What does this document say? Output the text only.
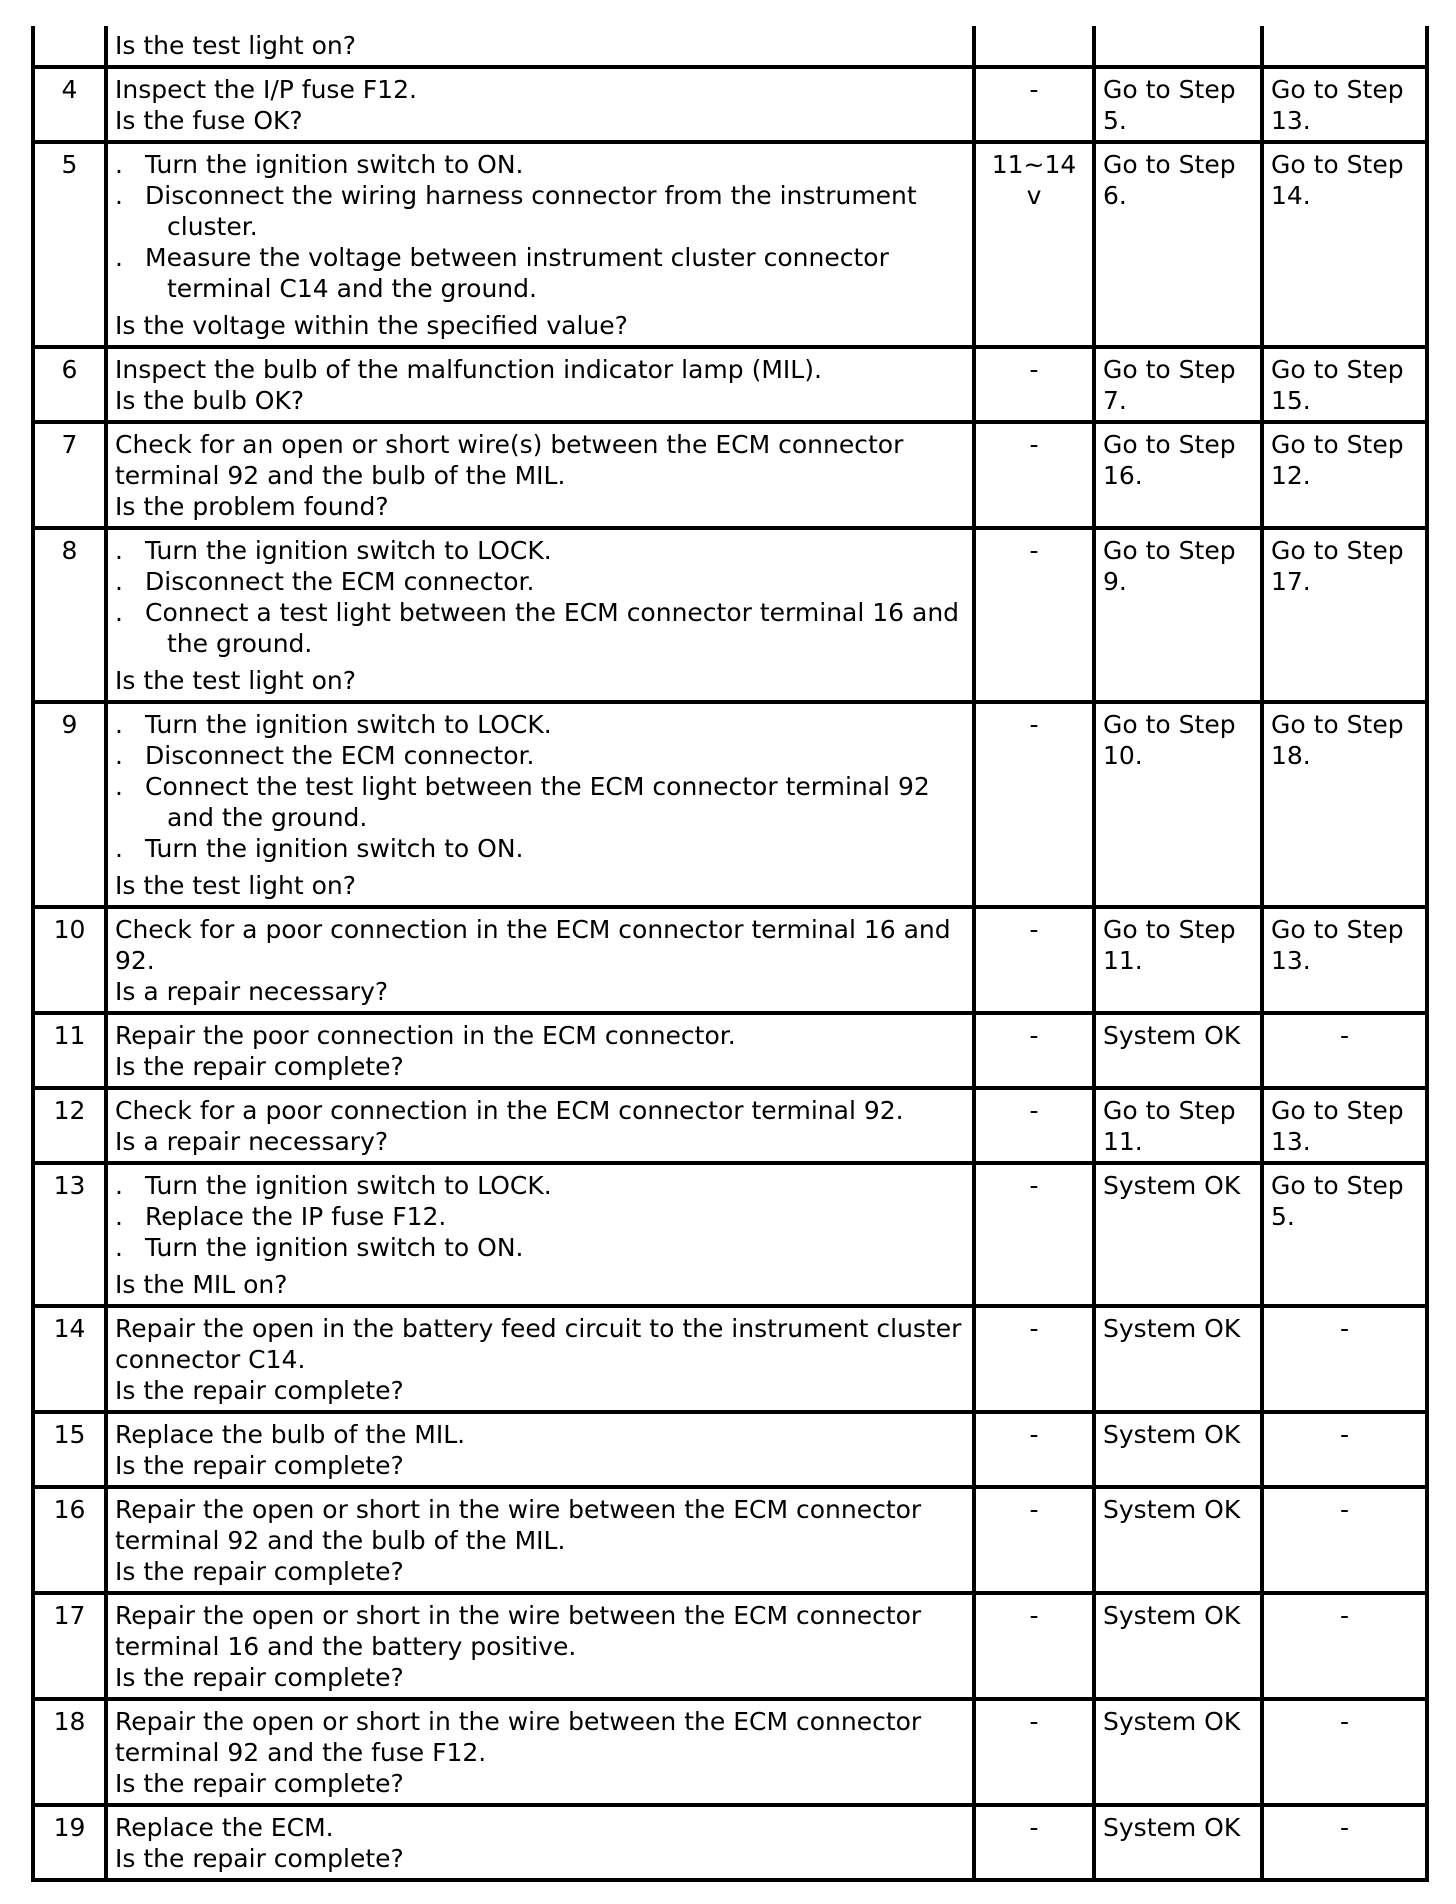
	Is the test light on?			

4	Inspect the I/P fuse F12.
Is the fuse OK?	-	Go to Step 5.	Go to Step 13.
5	. Turn the ignition switch to ON.
. Disconnect the wiring harness connector from the instrument cluster.
. Measure the voltage between instrument cluster connector terminal C14 and the ground.
Is the voltage within the specified value?	11~14 v	Go to Step 6.	Go to Step 14.
6	Inspect the bulb of the malfunction indicator lamp (MIL).
Is the bulb OK?	-	Go to Step 7.	Go to Step 15.
7	Check for an open or short wire(s) between the ECM connector terminal 92 and the bulb of the MIL.
Is the problem found?	-	Go to Step 16.	Go to Step 12.
8	. Turn the ignition switch to LOCK.
. Disconnect the ECM connector.
. Connect a test light between the ECM connector terminal 16 and the ground.
Is the test light on?	-	Go to Step 9.	Go to Step 17.
9	. Turn the ignition switch to LOCK.
. Disconnect the ECM connector.
. Connect the test light between the ECM connector terminal 92 and the ground.
. Turn the ignition switch to ON.
Is the test light on?	-	Go to Step 10.	Go to Step 18.
10	Check for a poor connection in the ECM connector terminal 16 and 92.
Is a repair necessary?	-	Go to Step 11.	Go to Step 13.
11	Repair the poor connection in the ECM connector.
Is the repair complete?	-	System OK	-
12	Check for a poor connection in the ECM connector terminal 92.
Is a repair necessary?	-	Go to Step 11.	Go to Step 13.
13	. Turn the ignition switch to LOCK.
. Replace the IP fuse F12.
. Turn the ignition switch to ON.
Is the MIL on?	-	System OK	Go to Step 5.
14	Repair the open in the battery feed circuit to the instrument cluster connector C14.
Is the repair complete?	-	System OK	-
15	Replace the bulb of the MIL.
Is the repair complete?	-	System OK	-
16	Repair the open or short in the wire between the ECM connector terminal 92 and the bulb of the MIL.
Is the repair complete?	-	System OK	-
17	Repair the open or short in the wire between the ECM connector terminal 16 and the battery positive.
Is the repair complete?	-	System OK	-
18	Repair the open or short in the wire between the ECM connector terminal 92 and the fuse F12.
Is the repair complete?	-	System OK	-
19	Replace the ECM.
Is the repair complete?	-	System OK	-
